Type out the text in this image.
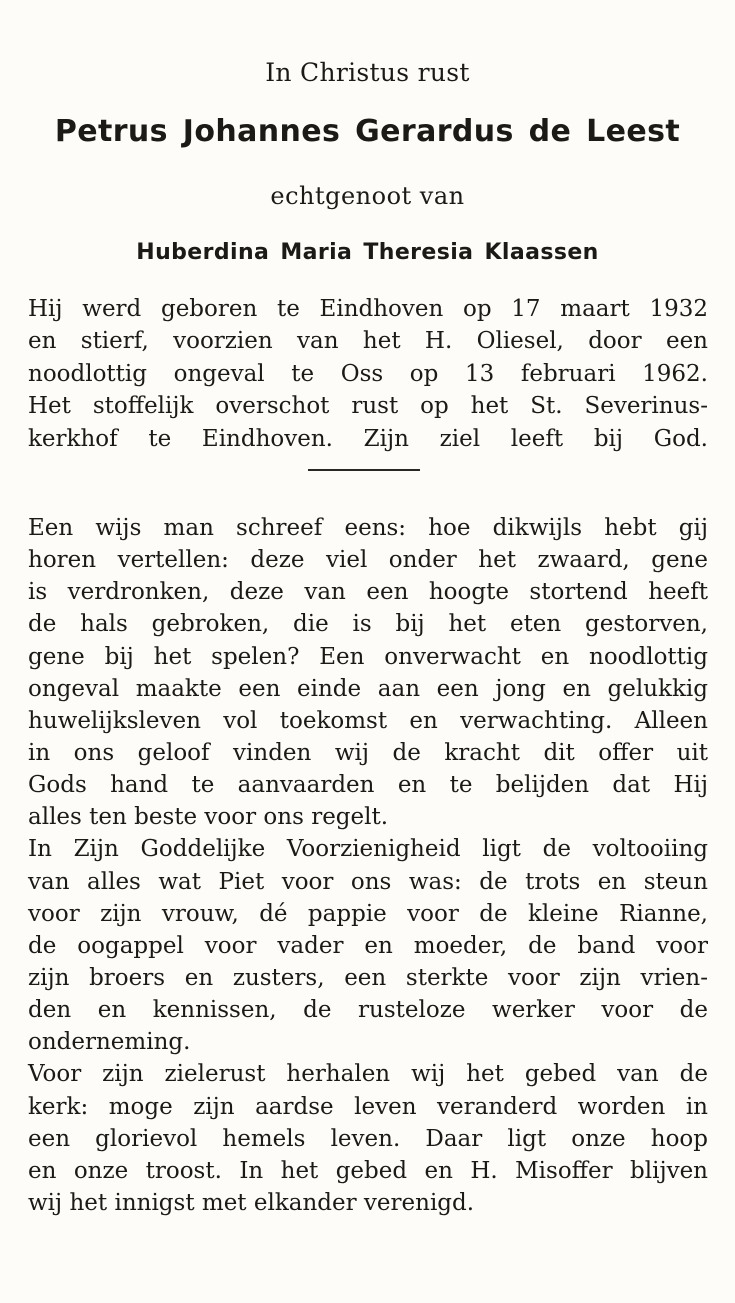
In Christus rust
Petrus Johannes Gerardus de Leest
echtgenoot van
Huberdina Maria Theresia Klaassen
Hij werd geboren te Eindhoven op 17 maart 1932
en stierf, voorzien van het H. Oliesel, door een
noodlottig ongeval te Oss op 13 februari 1962.
Het stoffelijk overschot rust op het St. Severinus-
kerkhof te Eindhoven. Zijn ziel leeft bij God.
Een wijs man schreef eens: hoe dikwijls hebt gij
horen vertellen: deze viel onder het zwaard, gene
is verdronken, deze van een hoogte stortend heeft
de hals gebroken, die is bij het eten gestorven,
gene bij het spelen? Een onverwacht en noodlottig
ongeval maakte een einde aan een jong en gelukkig
huwelijksleven vol toekomst en verwachting. Alleen
in ons geloof vinden wij de kracht dit offer uit
Gods hand te aanvaarden en te belijden dat Hij
alles ten beste voor ons regelt.
In Zijn Goddelijke Voorzienigheid ligt de voltooiing
van alles wat Piet voor ons was: de trots en steun
voor zijn vrouw, dé pappie voor de kleine Rianne,
de oogappel voor vader en moeder, de band voor
zijn broers en zusters, een sterkte voor zijn vrien-
den en kennissen, de rusteloze werker voor de
onderneming.
Voor zijn zielerust herhalen wij het gebed van de
kerk: moge zijn aardse leven veranderd worden in
een glorievol hemels leven. Daar ligt onze hoop
en onze troost. In het gebed en H. Misoffer blijven
wij het innigst met elkander verenigd.
